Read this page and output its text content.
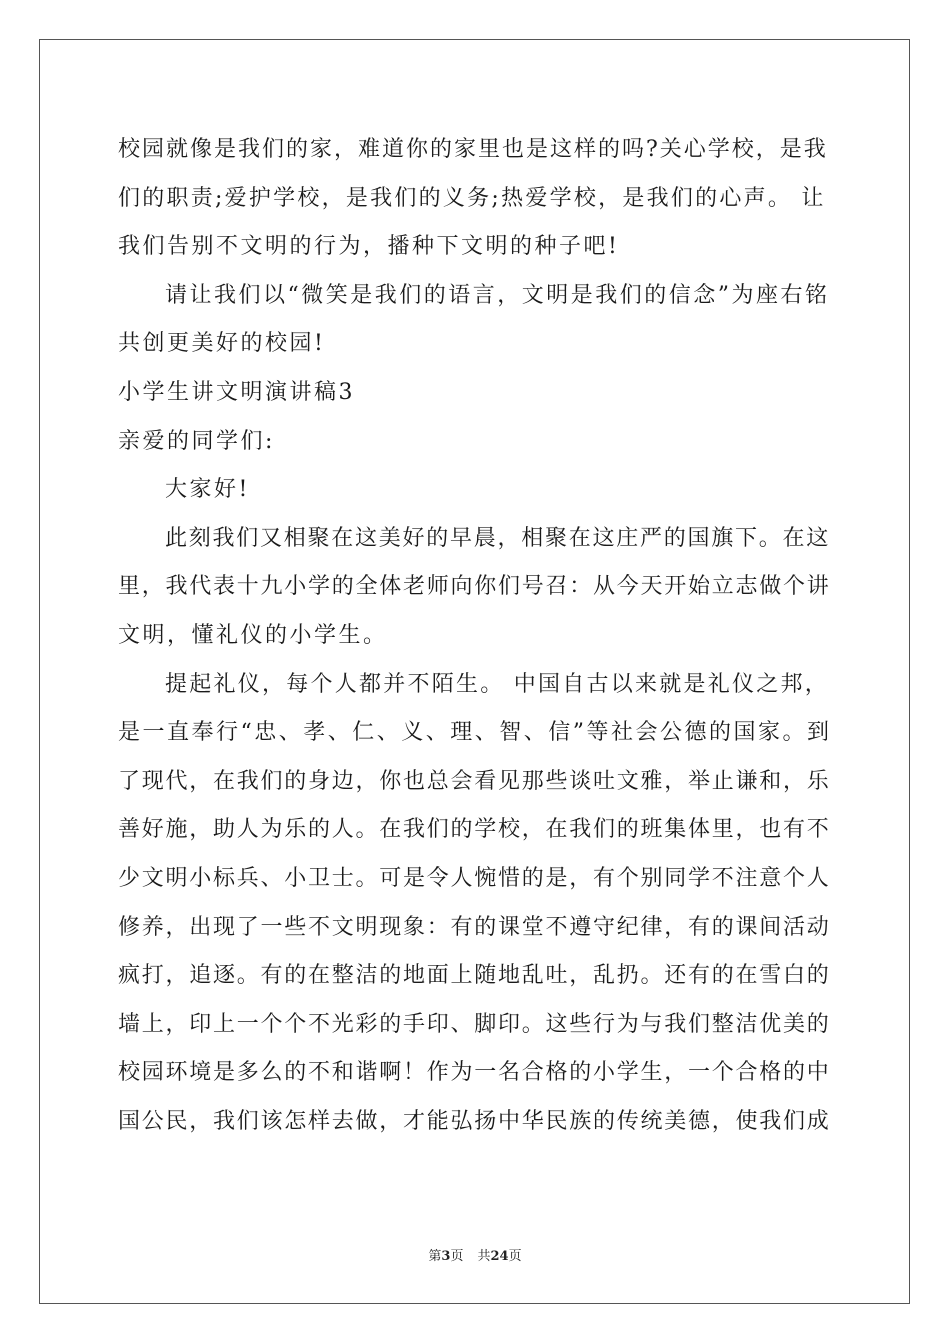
校园就像是我们的家，难道你的家里也是这样的吗?关心学校，是我
们的职责;爱护学校，是我们的义务;热爱学校，是我们的心声。 让
我们告别不文明的行为，播种下文明的种子吧!
请让我们以“微笑是我们的语言，文明是我们的信念”为座右铭
共创更美好的校园!
小学生讲文明演讲稿3
亲爱的同学们:
大家好!
此刻我们又相聚在这美好的早晨，相聚在这庄严的国旗下。在这
里，我代表十九小学的全体老师向你们号召：从今天开始立志做个讲
文明，懂礼仪的小学生。
提起礼仪，每个人都并不陌生。 中国自古以来就是礼仪之邦，
是一直奉行“忠、孝、仁、义、理、智、信”等社会公德的国家。到
了现代，在我们的身边，你也总会看见那些谈吐文雅，举止谦和，乐
善好施，助人为乐的人。在我们的学校，在我们的班集体里，也有不
少文明小标兵、小卫士。可是令人惋惜的是，有个别同学不注意个人
修养，出现了一些不文明现象：有的课堂不遵守纪律，有的课间活动
疯打，追逐。有的在整洁的地面上随地乱吐，乱扔。还有的在雪白的
墙上，印上一个个不光彩的手印、脚印。这些行为与我们整洁优美的
校园环境是多么的不和谐啊！作为一名合格的小学生，一个合格的中
国公民，我们该怎样去做，才能弘扬中华民族的传统美德，使我们成
第3页 共24页
